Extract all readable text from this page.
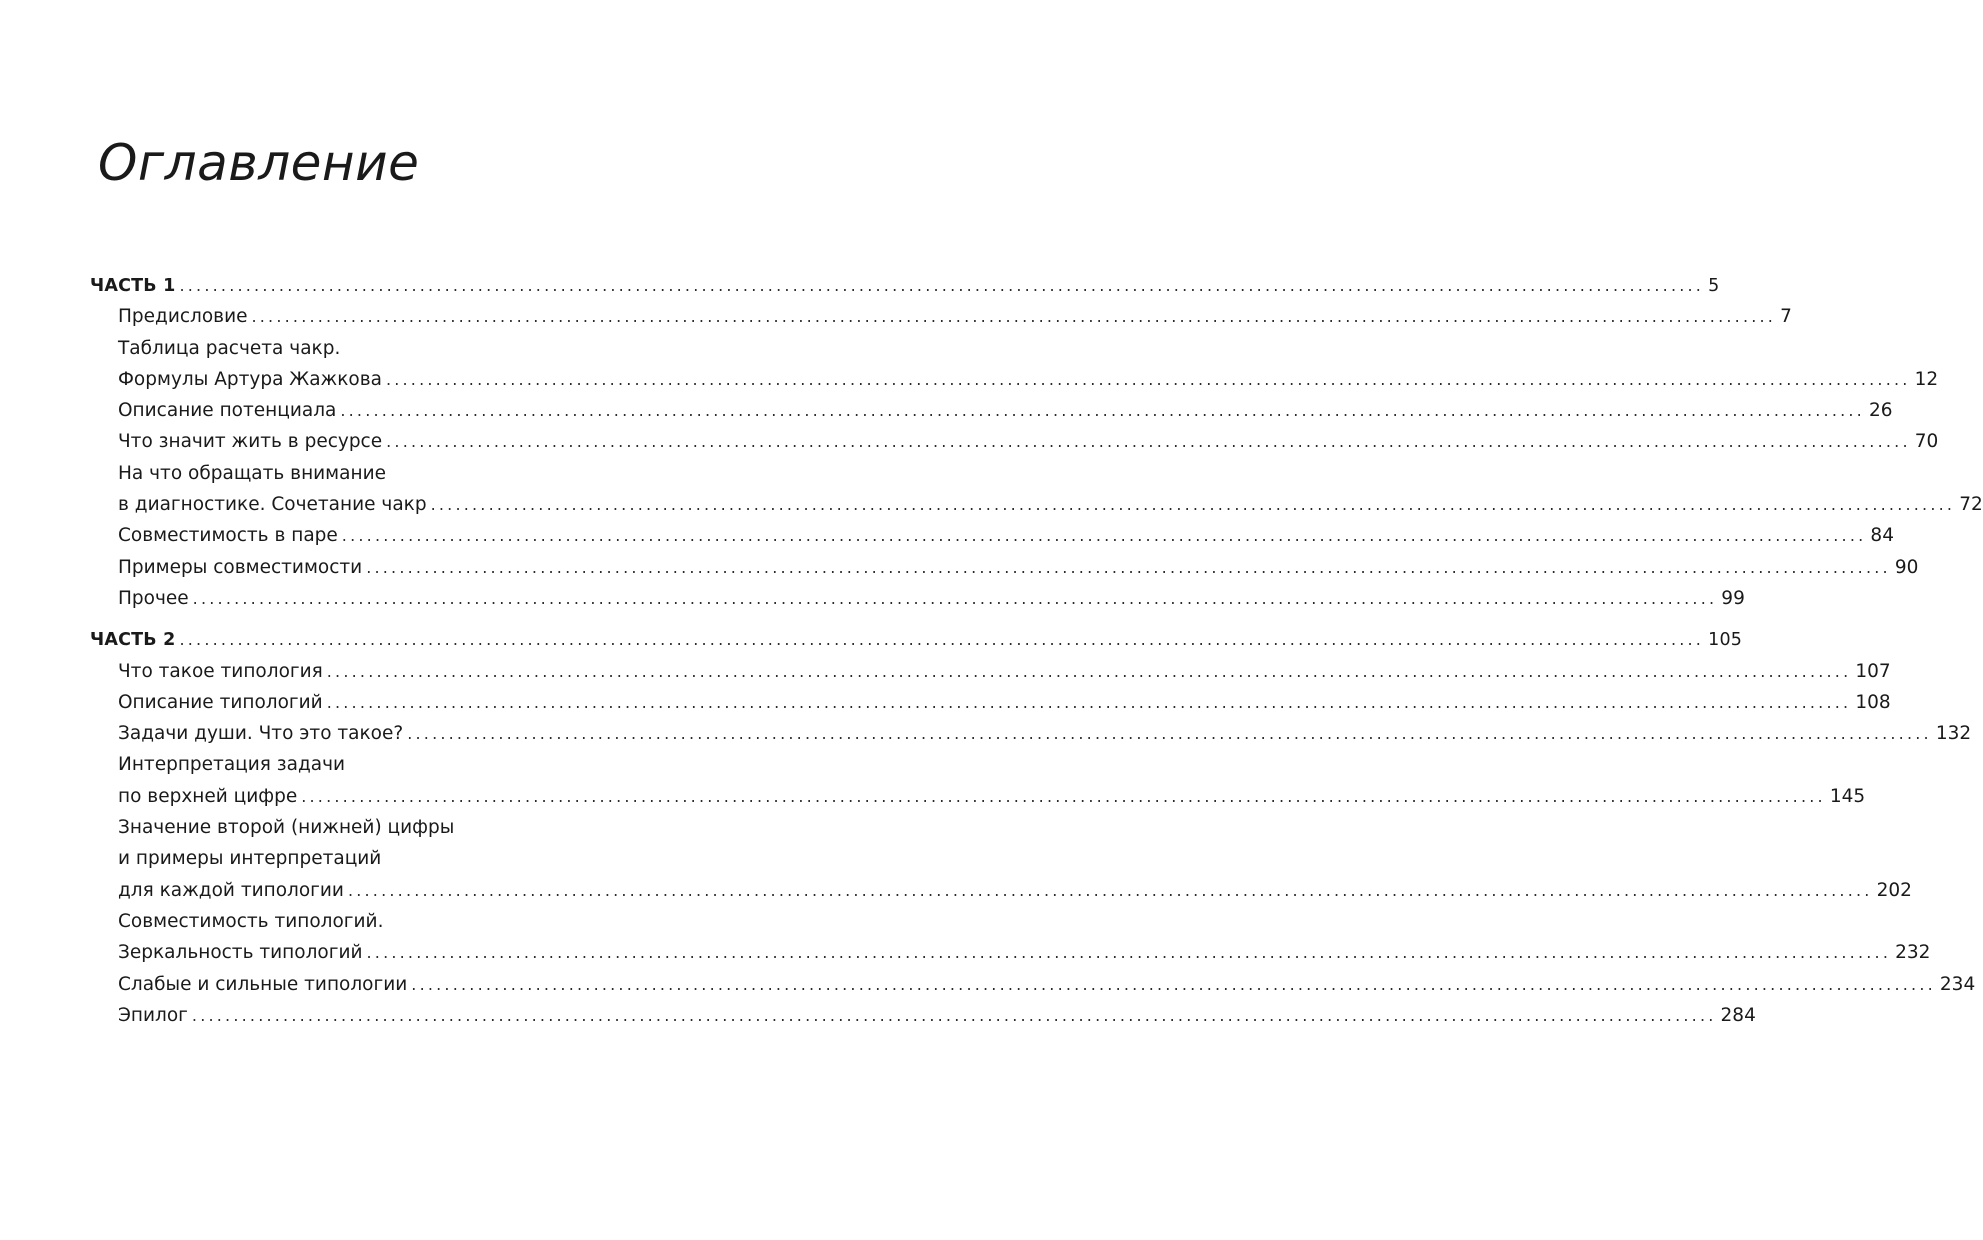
Оглавление
ЧАСТЬ 1 ........................................................................................................................................................................................ 5
Предисловие ........................................................................................................................................................................................ 7
Таблица расчета чакр.
Формулы Артура Жажкова ........................................................................................................................................................................................ 12
Описание потенциала ........................................................................................................................................................................................ 26
Что значит жить в ресурсе ........................................................................................................................................................................................ 70
На что обращать внимание
в диагностике. Сочетание чакр ........................................................................................................................................................................................ 72
Совместимость в паре ........................................................................................................................................................................................ 84
Примеры совместимости ........................................................................................................................................................................................ 90
Прочее ........................................................................................................................................................................................ 99
ЧАСТЬ 2 ........................................................................................................................................................................................ 105
Что такое типология ........................................................................................................................................................................................ 107
Описание типологий ........................................................................................................................................................................................ 108
Задачи души. Что это такое? ........................................................................................................................................................................................ 132
Интерпретация задачи
по верхней цифре ........................................................................................................................................................................................ 145
Значение второй (нижней) цифры
и примеры интерпретаций
для каждой типологии ........................................................................................................................................................................................ 202
Совместимость типологий.
Зеркальность типологий ........................................................................................................................................................................................ 232
Слабые и сильные типологии ........................................................................................................................................................................................ 234
Эпилог ........................................................................................................................................................................................ 284
